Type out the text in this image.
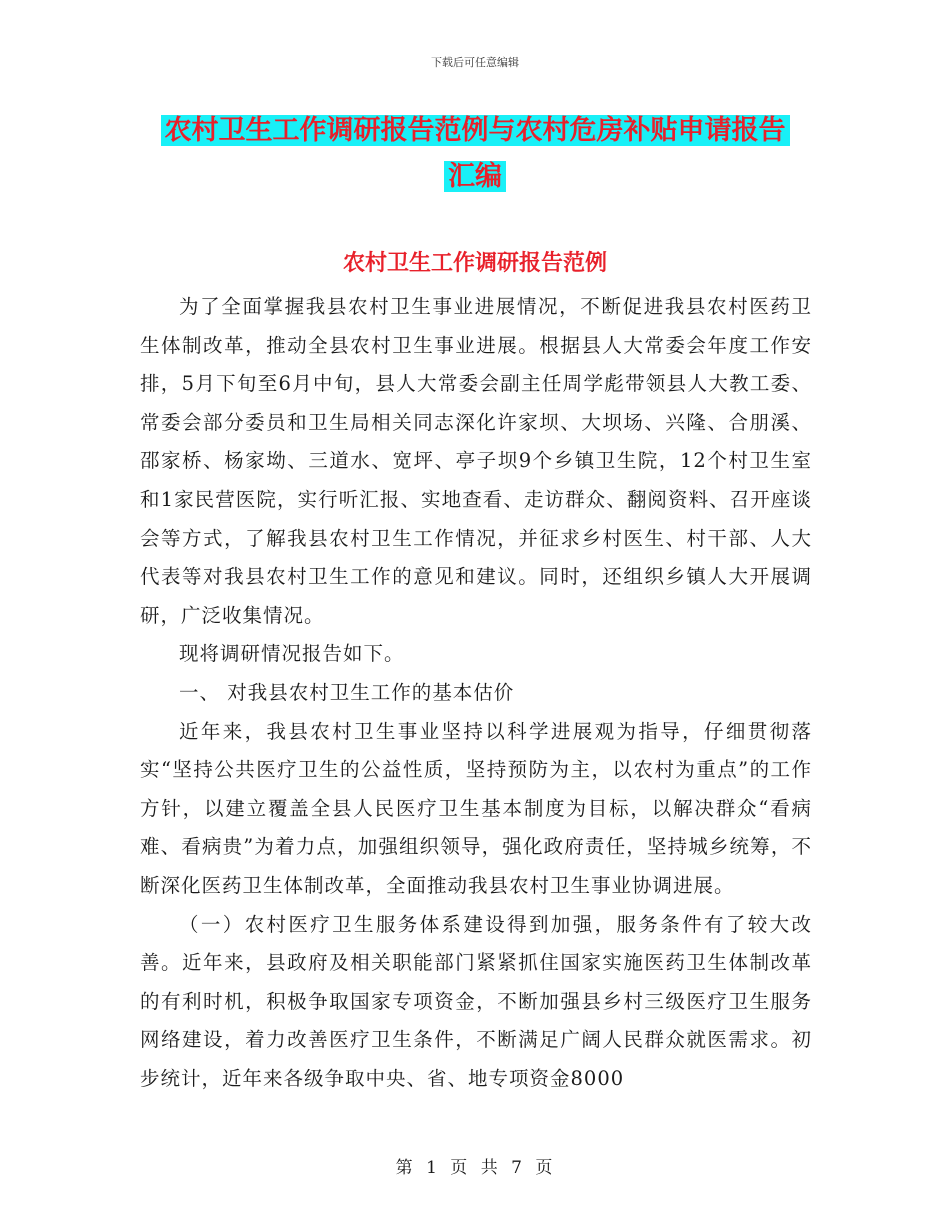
下载后可任意编辑
农村卫生工作调研报告范例与农村危房补贴申请报告
汇编
农村卫生工作调研报告范例

为了全面掌握我县农村卫生事业进展情况，不断促进我县农村医药卫生体制改革，推动全县农村卫生事业进展。根据县人大常委会年度工作安排，5月下旬至6月中旬，县人大常委会副主任周学彪带领县人大教工委、常委会部分委员和卫生局相关同志深化许家坝、大坝场、兴隆、合朋溪、邵家桥、杨家坳、三道水、宽坪、亭子坝9个乡镇卫生院，12个村卫生室和1家民营医院，实行听汇报、实地查看、走访群众、翻阅资料、召开座谈会等方式，了解我县农村卫生工作情况，并征求乡村医生、村干部、人大代表等对我县农村卫生工作的意见和建议。同时，还组织乡镇人大开展调研，广泛收集情况。

现将调研情况报告如下。

一、 对我县农村卫生工作的基本估价

近年来，我县农村卫生事业坚持以科学进展观为指导，仔细贯彻落实“坚持公共医疗卫生的公益性质，坚持预防为主，以农村为重点”的工作方针，以建立覆盖全县人民医疗卫生基本制度为目标，以解决群众“看病难、看病贵”为着力点，加强组织领导，强化政府责任，坚持城乡统筹，不断深化医药卫生体制改革，全面推动我县农村卫生事业协调进展。

（一）农村医疗卫生服务体系建设得到加强，服务条件有了较大改善。近年来，县政府及相关职能部门紧紧抓住国家实施医药卫生体制改革的有利时机，积极争取国家专项资金，不断加强县乡村三级医疗卫生服务网络建设，着力改善医疗卫生条件，不断满足广阔人民群众就医需求。初步统计，近年来各级争取中央、省、地专项资金8000

第 1 页 共 7 页
